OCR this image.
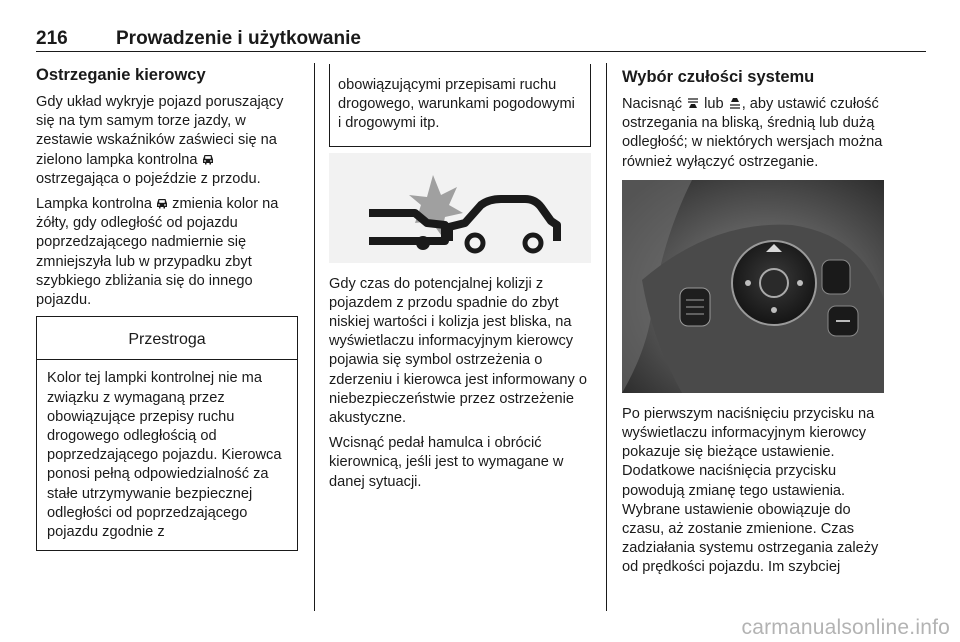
216	Prowadzenie i użytkowanie
Ostrzeganie kierowcy

Gdy układ wykryje pojazd poruszający się na tym samym torze jazdy, w zestawie wskaźników zaświeci się na zielono lampka kontrolna  ostrzegająca o pojeździe z przodu.

Lampka kontrolna zmienia kolor na żółty, gdy odległość od pojazdu poprzedzającego nadmiernie się zmniejszyła lub w przypadku zbyt szybkiego zbliżania się do innego pojazdu.

Przestroga
Kolor tej lampki kontrolnej nie ma związku z wymaganą przez obowiązujące przepisy ruchu drogowego odległością od poprzedzającego pojazdu. Kierowca ponosi pełną odpowiedzialność za stałe utrzymywanie bezpiecznej odległości od poprzedzającego pojazdu zgodnie z
obowiązującymi przepisami ruchu drogowego, warunkami pogodowymi i drogowymi itp.

Gdy czas do potencjalnej kolizji z pojazdem z przodu spadnie do zbyt niskiej wartości i kolizja jest bliska, na wyświetlaczu informacyjnym kierowcy pojawia się symbol ostrzeżenia o zderzeniu i kierowca jest informowany o niebezpieczeństwie przez ostrzeżenie akustyczne.

Wcisnąć pedał hamulca i obrócić kierownicą, jeśli jest to wymagane w danej sytuacji.

Wybór czułości systemu

Nacisnąć lub , aby ustawić czułość ostrzegania na bliską, średnią lub dużą odległość; w niektórych wersjach można również wyłączyć ostrzeganie.

Po pierwszym naciśnięciu przycisku na wyświetlaczu informacyjnym kierowcy pokazuje się bieżące ustawienie. Dodatkowe naciśnięcia przycisku powodują zmianę tego ustawienia. Wybrane ustawienie obowiązuje do czasu, aż zostanie zmienione. Czas zadziałania systemu ostrzegania zależy od prędkości pojazdu. Im szybciej

carmanualsonline.info
